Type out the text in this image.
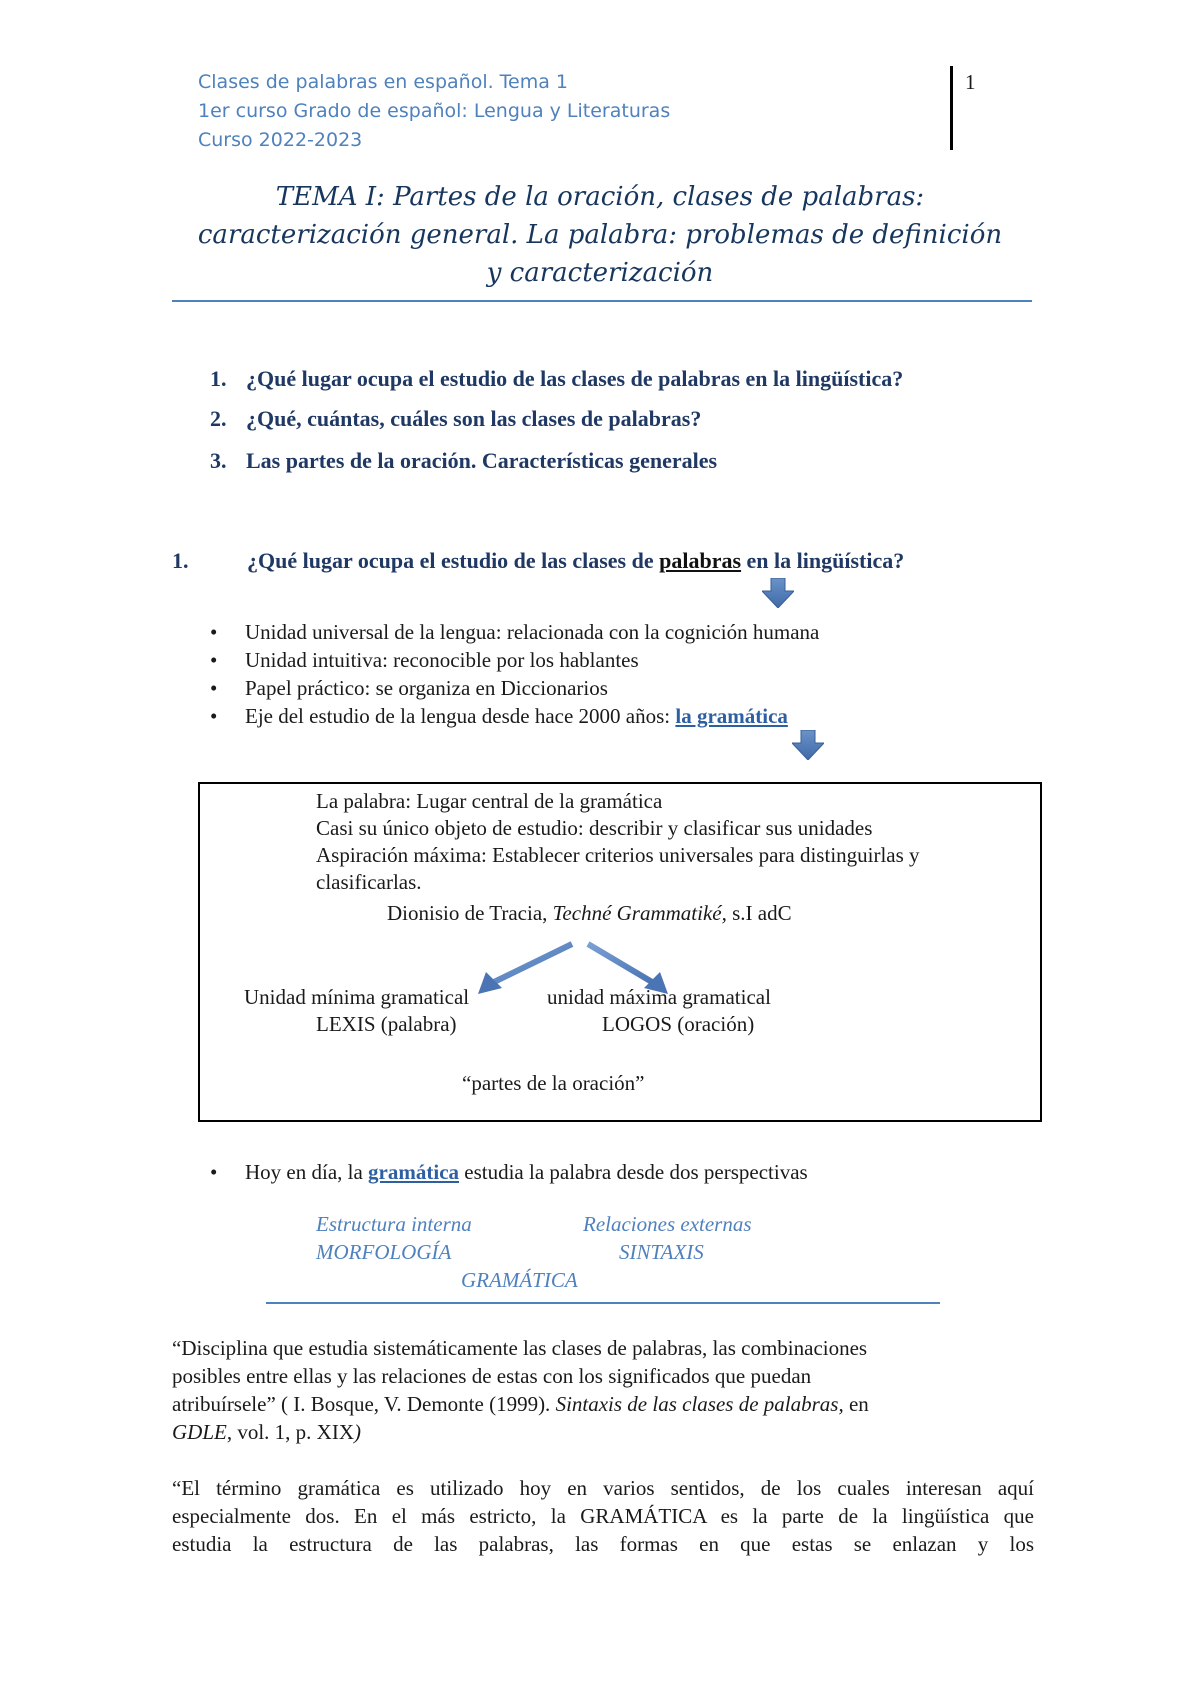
Clases de palabras en español. Tema 1
1er curso Grado de español: Lengua y Literaturas
Curso 2022-2023
1
TEMA I: Partes de la oración, clases de palabras:
caracterización general. La palabra: problemas de definición
y caracterización
1. ¿Qué lugar ocupa el estudio de las clases de palabras en la lingüística?
2. ¿Qué, cuántas, cuáles son las clases de palabras?
3. Las partes de la oración. Características generales
1.	¿Qué lugar ocupa el estudio de las clases de palabras en la lingüística?
• Unidad universal de la lengua: relacionada con la cognición humana
• Unidad intuitiva: reconocible por los hablantes
• Papel práctico: se organiza en Diccionarios
• Eje del estudio de la lengua desde hace 2000 años: la gramática
La palabra: Lugar central de la gramática
Casi su único objeto de estudio: describir y clasificar sus unidades
Aspiración máxima: Establecer criterios universales para distinguirlas y
clasificarlas.
Dionisio de Tracia, Techné Grammatiké, s.I adC
Unidad mínima gramatical
LEXIS (palabra)
unidad máxima gramatical
LOGOS (oración)
“partes de la oración”
• Hoy en día, la gramática estudia la palabra desde dos perspectivas
Estructura interna	Relaciones externas
MORFOLOGÍA	SINTAXIS
GRAMÁTICA
“Disciplina que estudia sistemáticamente las clases de palabras, las combinaciones
posibles entre ellas y las relaciones de estas con los significados que puedan
atribuírsele” ( I. Bosque, V. Demonte (1999). Sintaxis de las clases de palabras, en
GDLE, vol. 1, p. XIX)
“El término gramática es utilizado hoy en varios sentidos, de los cuales interesan aquí
especialmente dos. En el más estricto, la GRAMÁTICA es la parte de la lingüística que
estudia la estructura de las palabras, las formas en que estas se enlazan y los
